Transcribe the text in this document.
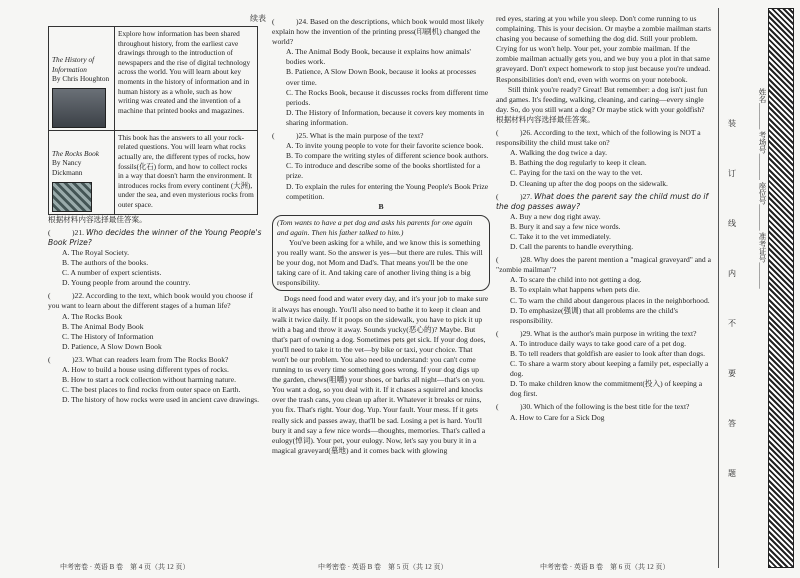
续表
The History of Information
By Chris Houghton	Explore how information has been shared throughout history, from the earliest cave drawings through to the introduction of newspapers and the rise of digital technology across the world. You will learn about key moments in the history of information and in human history as a whole, such as how writing was created and the invention of a machine that printed books and magazines.

The Rocks Book
By Nancy Dickmann	This book has the answers to all your rock-related questions. You will learn what rocks actually are, the different types of rocks, how fossils(化石) form, and how to collect rocks in a way that doesn't harm the environment. It introduces rocks from every continent (大洲), under the sea, and even mysterious rocks from outer space.
根据材料内容选择最佳答案。
(	)21. Who decides the winner of the Young People's Book Prize?
A. The Royal Society.
B. The authors of the books.
C. A number of expert scientists.
D. Young people from around the country.
(	)22. According to the text, which book would you choose if you want to learn about the different stages of a human life?
A. The Rocks Book
B. The Animal Body Book
C. The History of Information
D. Patience, A Slow Down Book
(	)23. What can readers learn from The Rocks Book?
A. How to build a house using different types of rocks.
B. How to start a rock collection without harming nature.
C. The best places to find rocks from outer space on Earth.
D. The history of how rocks were used in ancient cave drawings.
(	)24. Based on the descriptions, which book would most likely explain how the invention of the printing press(印刷机) changed the world?
A. The Animal Body Book, because it explains how animals' bodies work.
B. Patience, A Slow Down Book, because it looks at processes over time.
C. The Rocks Book, because it discusses rocks from different time periods.
D. The History of Information, because it covers key moments in sharing information.
(	)25. What is the main purpose of the text?
A. To invite young people to vote for their favorite science book.
B. To compare the writing styles of different science book authors.
C. To introduce and describe some of the books shortlisted for a prize.
D. To explain the rules for entering the Young People's Book Prize competition.
B
(Tom wants to have a pet dog and asks his parents for one again and again. Then his father talked to him.)
You've been asking for a while, and we know this is something you really want. So the answer is yes—but there are rules. This will be your dog, not Mom and Dad's. That means you'll be the one taking care of it. And taking care of another living thing is a big responsibility.
Dogs need food and water every day, and it's your job to make sure it always has enough. You'll also need to bathe it to keep it clean and walk it twice daily. If it poops on the sidewalk, you have to pick it up with a bag and throw it away. Sounds yucky(恶心的)? Maybe. But that's part of owning a dog. Sometimes pets get sick. If your dog does, you'll need to take it to the vet—by bike or taxi, your choice. That won't be our problem. You also need to understand: you can't come running to us every time something goes wrong. If your dog digs up the garden, chews(咀嚼) your shoes, or barks all night—that's on you. You want a dog, so you deal with it. If it chases a squirrel and knocks over the trash cans, you clean up after it. Whatever it breaks or ruins, you fix. That's right. Your dog. Yup. Your fault. Your mess. If it gets really sick and passes away, that'll be sad. Losing a pet is hard. You'll bury it and say a few nice words—thoughts, memories. That's called a eulogy(悼词). Your pet, your eulogy. Now, let's say you bury it in a magical graveyard(墓地) and it comes back with glowing
red eyes, staring at you while you sleep. Don't come running to us complaining. This is your decision. Or maybe a zombie mailman starts chasing you because of something the dog did. Still your problem. Crying for us won't help. Your pet, your zombie mailman. If the zombie mailman actually gets you, and we buy you a plot in that same graveyard. Don't expect homework to stop just because you're undead. Responsibilities don't end, even with worms on your notebook.
Still think you're ready? Great! But remember: a dog isn't just fun and games. It's feeding, walking, cleaning, and caring—every single day. So, do you still want a dog? Or maybe stick with your goldfish?
根据材料内容选择最佳答案。
(	)26. According to the text, which of the following is NOT a responsibility the child must take on?
A. Walking the dog twice a day.
B. Bathing the dog regularly to keep it clean.
C. Paying for the taxi on the way to the vet.
D. Cleaning up after the dog poops on the sidewalk.
(	)27. What does the parent say the child must do if the dog passes away?
A. Buy a new dog right away.
B. Bury it and say a few nice words.
C. Take it to the vet immediately.
D. Call the parents to handle everything.
(	)28. Why does the parent mention a "magical graveyard" and a "zombie mailman"?
A. To scare the child into not getting a dog.
B. To explain what happens when pets die.
C. To warn the child about dangerous places in the neighborhood.
D. To emphasize(强调) that all problems are the child's responsibility.
(	)29. What is the author's main purpose in writing the text?
A. To introduce daily ways to take good care of a pet dog.
B. To tell readers that goldfish are easier to look after than dogs.
C. To share a warm story about keeping a family pet, especially a dog.
D. To make children know the commitment(投入) of keeping a dog first.
(	)30. Which of the following is the best title for the text?
A. How to Care for a Sick Dog
中考密卷 · 英语 B 卷　第 4 页（共 12 页）	中考密卷 · 英语 B 卷　第 5 页（共 12 页）	中考密卷 · 英语 B 卷　第 6 页（共 12 页）
装
订
线
内
不
要
答
题
姓名_______ 考场号_______ 座位号_______ 准考证号_______
